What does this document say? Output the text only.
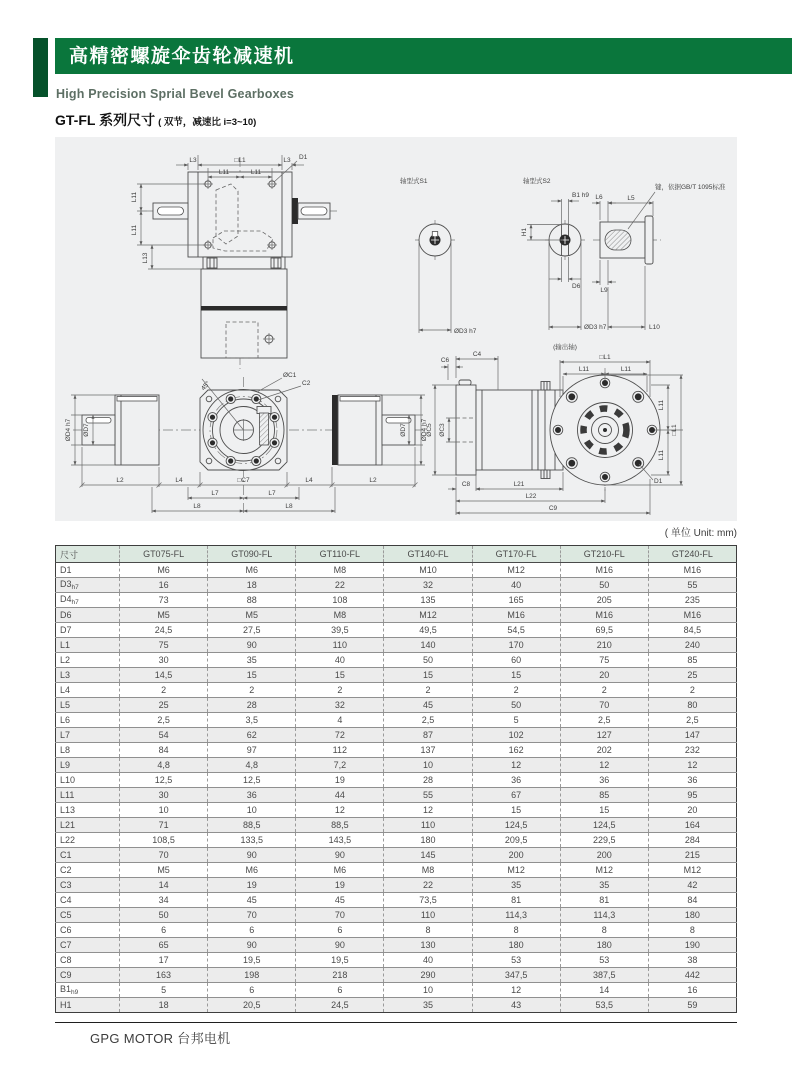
高精密螺旋伞齿轮减速机
High Precision Sprial Bevel Gearboxes
GT-FL 系列尺寸 ( 双节，减速比 i=3~10)
L3	□L1	L3
L11	L11
D1
L11
L11
L13
轴型式S1
ØD3 h7
轴型式S2
B1 h9
H1
D6
ØD3 h7
(输出轴)
L6	L5
键，依据GB/T 1095标准
L9
L10
45°
ØC1
C2
L2	L4	□C7	L4	L2
L7	L7
L8	L8
ØD4 h7 ØD7	ØD7 ØD4 h7
□L1
L11	L11
L11
L11
□L1
D1
C4
C6
ØC3
ØC5
C8	L21
L22
C9
( 单位 Unit: mm)
尺寸	GT075-FL	GT090-FL	GT110-FL	GT140-FL	GT170-FL	GT210-FL	GT240-FL
D1	M6	M6	M8	M10	M12	M16	M16
$D3_{h7}$	16	18	22	32	40	50	55
$D4_{h7}$	73	88	108	135	165	205	235
D6	M5	M5	M8	M12	M16	M16	M16
D7	24,5	27,5	39,5	49,5	54,5	69,5	84,5
L1	75	90	110	140	170	210	240
L2	30	35	40	50	60	75	85
L3	14,5	15	15	15	15	20	25
L4	2	2	2	2	2	2	2
L5	25	28	32	45	50	70	80
L6	2,5	3,5	4	2,5	5	2,5	2,5
L7	54	62	72	87	102	127	147
L8	84	97	112	137	162	202	232
L9	4,8	4,8	7,2	10	12	12	12
L10	12,5	12,5	19	28	36	36	36
L11	30	36	44	55	67	85	95
L13	10	10	12	12	15	15	20
L21	71	88,5	88,5	110	124,5	124,5	164
L22	108,5	133,5	143,5	180	209,5	229,5	284
C1	70	90	90	145	200	200	215
C2	M5	M6	M6	M8	M12	M12	M12
C3	14	19	19	22	35	35	42
C4	34	45	45	73,5	81	81	84
C5	50	70	70	110	114,3	114,3	180
C6	6	6	6	8	8	8	8
C7	65	90	90	130	180	180	190
C8	17	19,5	19,5	40	53	53	38
C9	163	198	218	290	347,5	387,5	442
$B1_{h9}$	5	6	6	10	12	14	16
H1	18	20,5	24,5	35	43	53,5	59
GPG MOTOR 台邦电机
